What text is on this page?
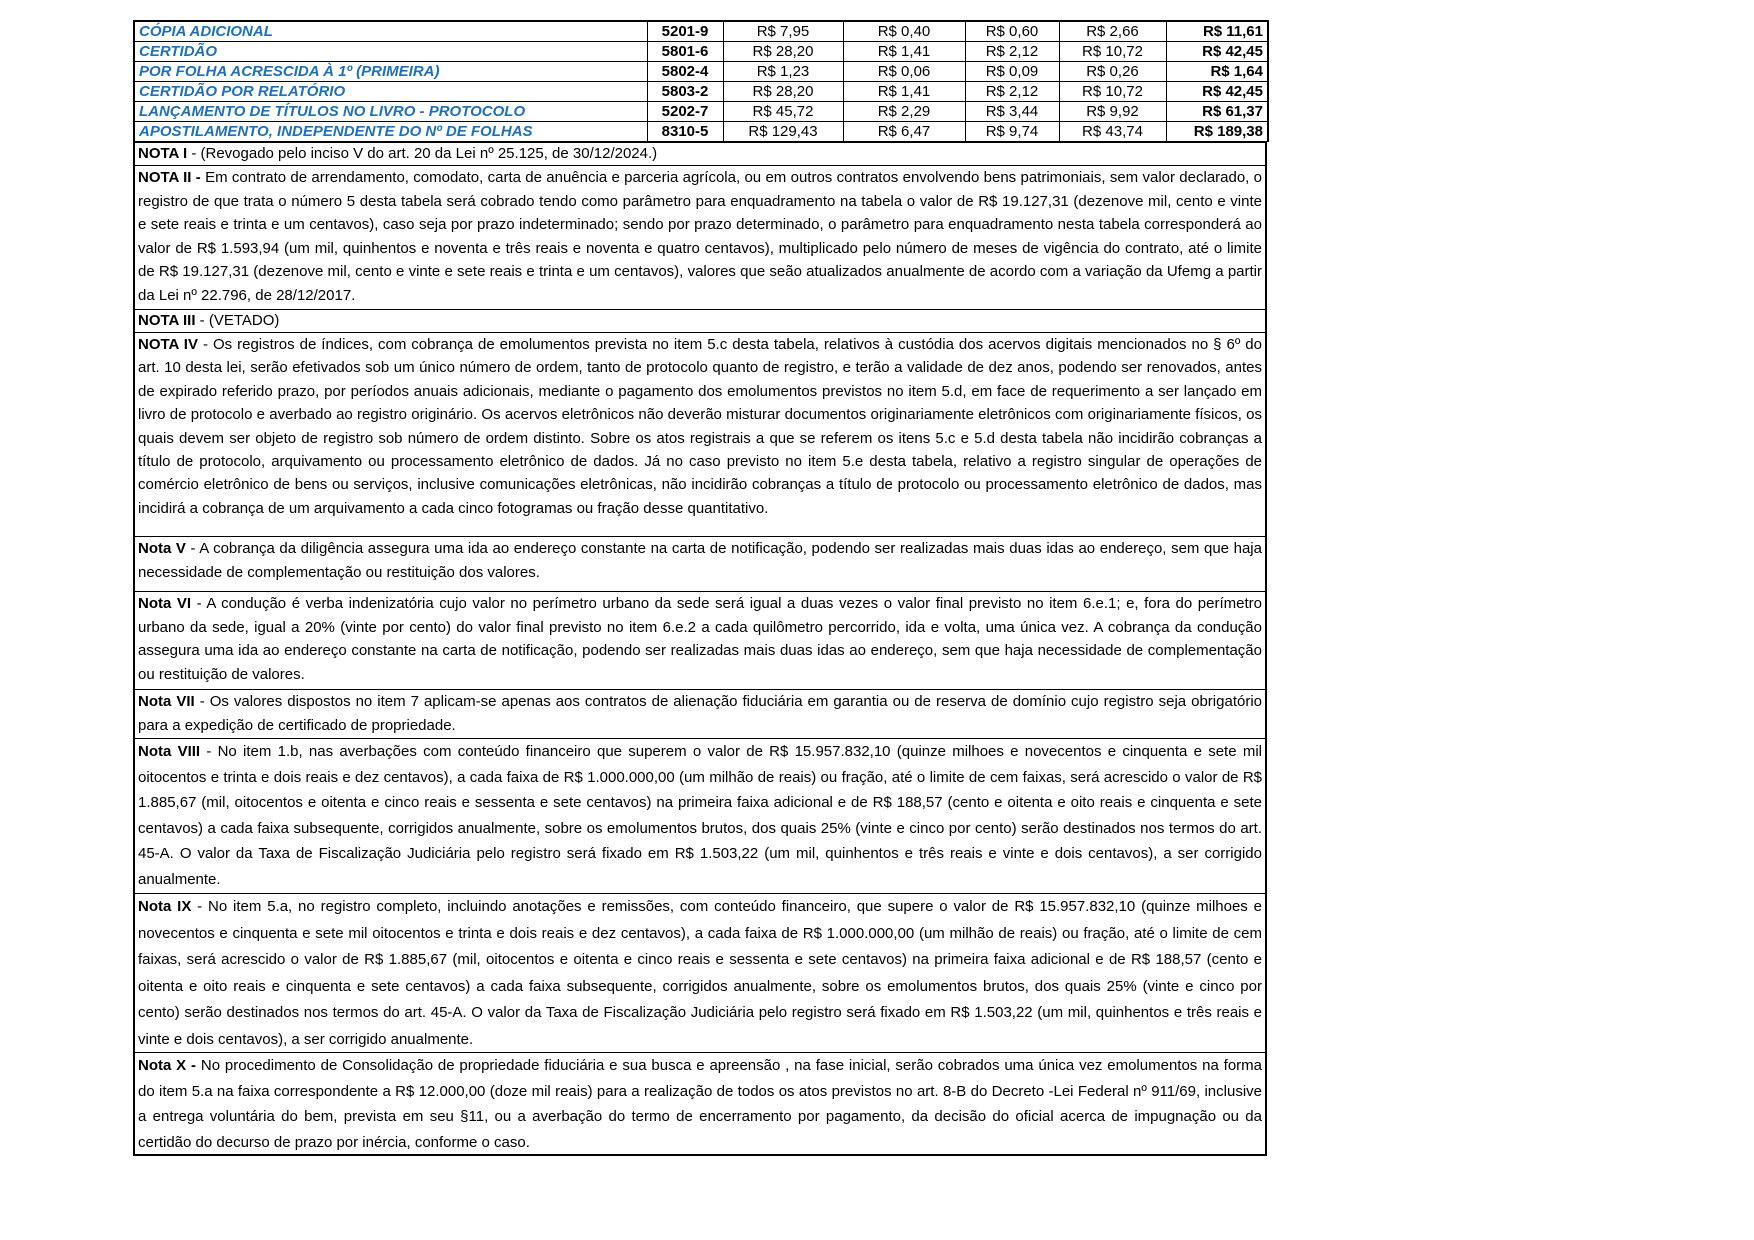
CÓPIA ADICIONAL	5201-9	R$ 7,95	R$ 0,40	R$ 0,60	R$ 2,66	R$ 11,61
CERTIDÃO	5801-6	R$ 28,20	R$ 1,41	R$ 2,12	R$ 10,72	R$ 42,45
POR FOLHA ACRESCIDA À 1º (PRIMEIRA)	5802-4	R$ 1,23	R$ 0,06	R$ 0,09	R$ 0,26	R$ 1,64
CERTIDÃO POR RELATÓRIO	5803-2	R$ 28,20	R$ 1,41	R$ 2,12	R$ 10,72	R$ 42,45
LANÇAMENTO DE TÍTULOS NO LIVRO - PROTOCOLO	5202-7	R$ 45,72	R$ 2,29	R$ 3,44	R$ 9,92	R$ 61,37
APOSTILAMENTO, INDEPENDENTE DO Nº DE FOLHAS	8310-5	R$ 129,43	R$ 6,47	R$ 9,74	R$ 43,74	R$ 189,38
NOTA I - (Revogado pelo inciso V do art. 20 da Lei nº 25.125, de 30/12/2024.)
NOTA II - Em contrato de arrendamento, comodato, carta de anuência e parceria agrícola, ou em outros contratos envolvendo bens patrimoniais, sem valor declarado, o registro de que trata o número 5 desta tabela será cobrado tendo como parâmetro para enquadramento na tabela o valor de R$ 19.127,31 (dezenove mil, cento e vinte e sete reais e trinta e um centavos), caso seja por prazo indeterminado; sendo por prazo determinado, o parâmetro para enquadramento nesta tabela corresponderá ao valor de R$ 1.593,94 (um mil, quinhentos e noventa e três reais e noventa e quatro centavos), multiplicado pelo número de meses de vigência do contrato, até o limite de R$ 19.127,31 (dezenove mil, cento e vinte e sete reais e trinta e um centavos), valores que seão atualizados anualmente de acordo com a variação da Ufemg a partir da Lei nº 22.796, de 28/12/2017.
NOTA III - (VETADO)
NOTA IV - Os registros de índices, com cobrança de emolumentos prevista no item 5.c desta tabela, relativos à custódia dos acervos digitais mencionados no § 6º do art. 10 desta lei, serão efetivados sob um único número de ordem, tanto de protocolo quanto de registro, e terão a validade de dez anos, podendo ser renovados, antes de expirado referido prazo, por períodos anuais adicionais, mediante o pagamento dos emolumentos previstos no item 5.d, em face de requerimento a ser lançado em livro de protocolo e averbado ao registro originário. Os acervos eletrônicos não deverão misturar documentos originariamente eletrônicos com originariamente físicos, os quais devem ser objeto de registro sob número de ordem distinto. Sobre os atos registrais a que se referem os itens 5.c e 5.d desta tabela não incidirão cobranças a título de protocolo, arquivamento ou processamento eletrônico de dados. Já no caso previsto no item 5.e desta tabela, relativo a registro singular de operações de comércio eletrônico de bens ou serviços, inclusive comunicações eletrônicas, não incidirão cobranças a título de protocolo ou processamento eletrônico de dados, mas incidirá a cobrança de um arquivamento a cada cinco fotogramas ou fração desse quantitativo.
Nota V - A cobrança da diligência assegura uma ida ao endereço constante na carta de notificação, podendo ser realizadas mais duas idas ao endereço, sem que haja necessidade de complementação ou restituição dos valores.
Nota VI - A condução é verba indenizatória cujo valor no perímetro urbano da sede será igual a duas vezes o valor final previsto no item 6.e.1; e, fora do perímetro urbano da sede, igual a 20% (vinte por cento) do valor final previsto no item 6.e.2 a cada quilômetro percorrido, ida e volta, uma única vez. A cobrança da condução assegura uma ida ao endereço constante na carta de notificação, podendo ser realizadas mais duas idas ao endereço, sem que haja necessidade de complementação ou restituição de valores.
Nota VII - Os valores dispostos no item 7 aplicam-se apenas aos contratos de alienação fiduciária em garantia ou de reserva de domínio cujo registro seja obrigatório para a expedição de certificado de propriedade.
Nota VIII - No item 1.b, nas averbações com conteúdo financeiro que superem o valor de R$ 15.957.832,10 (quinze milhoes e novecentos e cinquenta e sete mil oitocentos e trinta e dois reais e dez centavos), a cada faixa de R$ 1.000.000,00 (um milhão de reais) ou fração, até o limite de cem faixas, será acrescido o valor de R$ 1.885,67 (mil, oitocentos e oitenta e cinco reais e sessenta e sete centavos) na primeira faixa adicional e de R$ 188,57 (cento e oitenta e oito reais e cinquenta e sete centavos) a cada faixa subsequente, corrigidos anualmente, sobre os emolumentos brutos, dos quais 25% (vinte e cinco por cento) serão destinados nos termos do art. 45-A. O valor da Taxa de Fiscalização Judiciária pelo registro será fixado em R$ 1.503,22 (um mil, quinhentos e três reais e vinte e dois centavos), a ser corrigido anualmente.
Nota IX - No item 5.a, no registro completo, incluindo anotações e remissões, com conteúdo financeiro, que supere o valor de R$ 15.957.832,10 (quinze milhoes e novecentos e cinquenta e sete mil oitocentos e trinta e dois reais e dez centavos), a cada faixa de R$ 1.000.000,00 (um milhão de reais) ou fração, até o limite de cem faixas, será acrescido o valor de R$ 1.885,67 (mil, oitocentos e oitenta e cinco reais e sessenta e sete centavos) na primeira faixa adicional e de R$ 188,57 (cento e oitenta e oito reais e cinquenta e sete centavos) a cada faixa subsequente, corrigidos anualmente, sobre os emolumentos brutos, dos quais 25% (vinte e cinco por cento) serão destinados nos termos do art. 45-A. O valor da Taxa de Fiscalização Judiciária pelo registro será fixado em R$ 1.503,22 (um mil, quinhentos e três reais e vinte e dois centavos), a ser corrigido anualmente.
Nota X - No procedimento de Consolidação de propriedade fiduciária e sua busca e apreensão , na fase inicial, serão cobrados uma única vez emolumentos na forma do item 5.a na faixa correspondente a R$ 12.000,00 (doze mil reais) para a realização de todos os atos previstos no art. 8-B do Decreto -Lei Federal nº 911/69, inclusive a entrega voluntária do bem, prevista em seu §11, ou a averbação do termo de encerramento por pagamento, da decisão do oficial acerca de impugnação ou da certidão do decurso de prazo por inércia, conforme o caso.
